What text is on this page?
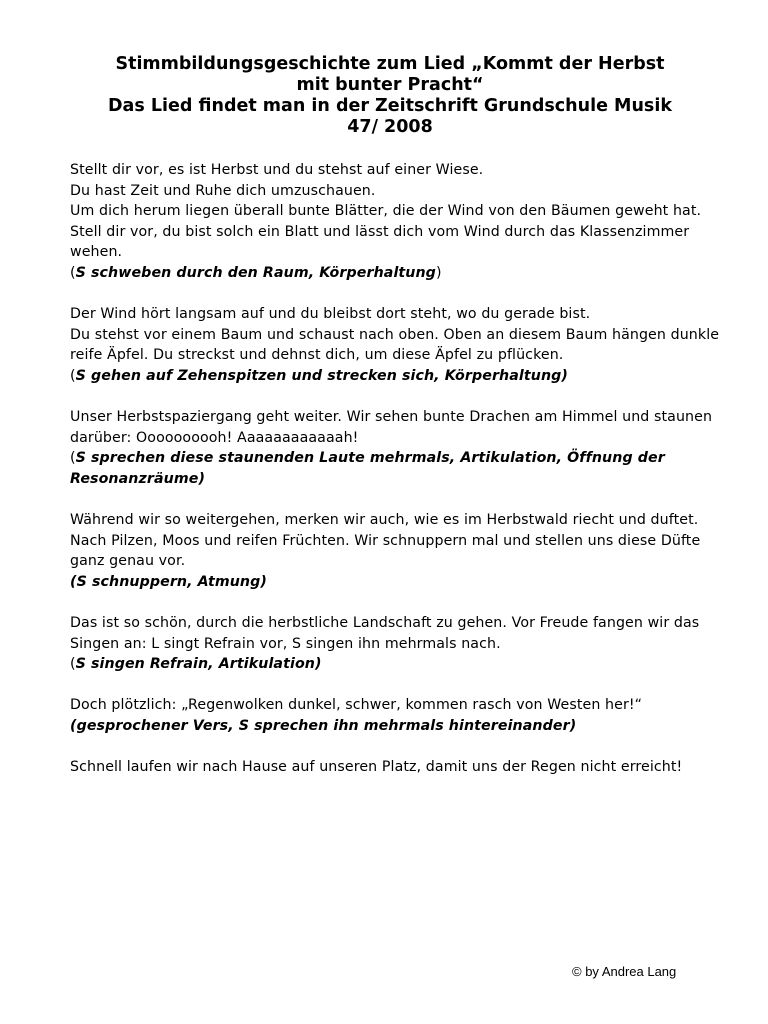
Stimmbildungsgeschichte zum Lied „Kommt der Herbst
mit bunter Pracht“
Das Lied findet man in der Zeitschrift Grundschule Musik
47/ 2008

Stellt dir vor, es ist Herbst und du stehst auf einer Wiese.
Du hast Zeit und Ruhe dich umzuschauen.
Um dich herum liegen überall bunte Blätter, die der Wind von den Bäumen geweht hat.
Stell dir vor, du bist solch ein Blatt und lässt dich vom Wind durch das Klassenzimmer
wehen.
(S schweben durch den Raum, Körperhaltung)

Der Wind hört langsam auf und du bleibst dort steht, wo du gerade bist.
Du stehst vor einem Baum und schaust nach oben. Oben an diesem Baum hängen dunkle
reife Äpfel. Du streckst und dehnst dich, um diese Äpfel zu pflücken.
(S gehen auf Zehenspitzen und strecken sich, Körperhaltung)

Unser Herbstspaziergang geht weiter. Wir sehen bunte Drachen am Himmel und staunen
darüber: Oooooooooh! Aaaaaaaaaaaah!
(S sprechen diese staunenden Laute mehrmals, Artikulation, Öffnung der
Resonanzräume)

Während wir so weitergehen, merken wir auch, wie es im Herbstwald riecht und duftet.
Nach Pilzen, Moos und reifen Früchten. Wir schnuppern mal und stellen uns diese Düfte
ganz genau vor.
(S schnuppern, Atmung)

Das ist so schön, durch die herbstliche Landschaft zu gehen. Vor Freude fangen wir das
Singen an: L singt Refrain vor, S singen ihn mehrmals nach.
(S singen Refrain, Artikulation)

Doch plötzlich: „Regenwolken dunkel, schwer, kommen rasch von Westen her!“
(gesprochener Vers, S sprechen ihn mehrmals hintereinander)

Schnell laufen wir nach Hause auf unseren Platz, damit uns der Regen nicht erreicht!

© by Andrea Lang
